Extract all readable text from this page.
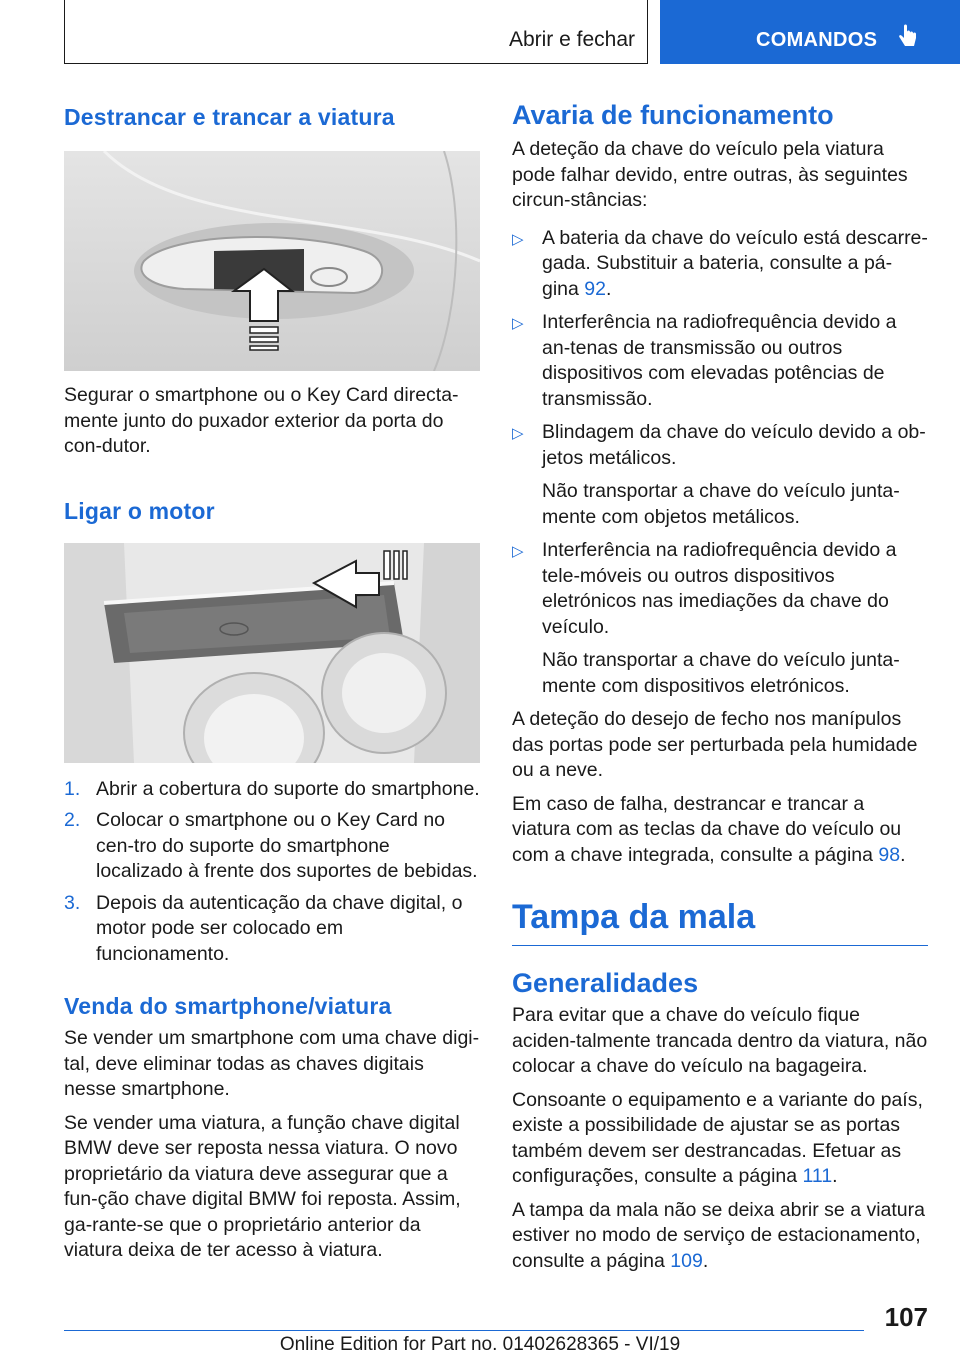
Abrir e fechar	COMANDOS
Destrancar e trancar a viatura

Segurar o smartphone ou o Key Card directa-mente junto do puxador exterior da porta do con-dutor.

Ligar o motor
1. Abrir a cobertura do suporte do smartphone.
2. Colocar o smartphone ou o Key Card no cen-tro do suporte do smartphone localizado à frente dos suportes de bebidas.
3. Depois da autenticação da chave digital, o motor pode ser colocado em funcionamento.
Venda do smartphone/viatura

Se vender um smartphone com uma chave digi-tal, deve eliminar todas as chaves digitais nesse smartphone.

Se vender uma viatura, a função chave digital BMW deve ser reposta nessa viatura. O novo proprietário da viatura deve assegurar que a fun-ção chave digital BMW foi reposta. Assim, ga-rante-se que o proprietário anterior da viatura deixa de ter acesso à viatura.

Avaria de funcionamento

A deteção da chave do veículo pela viatura pode falhar devido, entre outras, às seguintes circun-stâncias:

▷ A bateria da chave do veículo está descarre-gada. Substituir a bateria, consulte a pá-gina 92.
▷ Interferência na radiofrequência devido a an-tenas de transmissão ou outros dispositivos com elevadas potências de transmissão.
▷ Blindagem da chave do veículo devido a ob-jetos metálicos.
Não transportar a chave do veículo junta-mente com objetos metálicos.
▷ Interferência na radiofrequência devido a tele-móveis ou outros dispositivos eletrónicos nas imediações da chave do veículo.
Não transportar a chave do veículo junta-mente com dispositivos eletrónicos.

A deteção do desejo de fecho nos manípulos das portas pode ser perturbada pela humidade ou a neve.

Em caso de falha, destrancar e trancar a viatura com as teclas da chave do veículo ou com a chave integrada, consulte a página 98.

Tampa da mala
Generalidades

Para evitar que a chave do veículo fique aciden-talmente trancada dentro da viatura, não colocar a chave do veículo na bagageira.

Consoante o equipamento e a variante do país, existe a possibilidade de ajustar se as portas também devem ser destrancadas. Efetuar as configurações, consulte a página 111.

A tampa da mala não se deixa abrir se a viatura estiver no modo de serviço de estacionamento, consulte a página 109.

107
Online Edition for Part no. 01402628365 - VI/19
